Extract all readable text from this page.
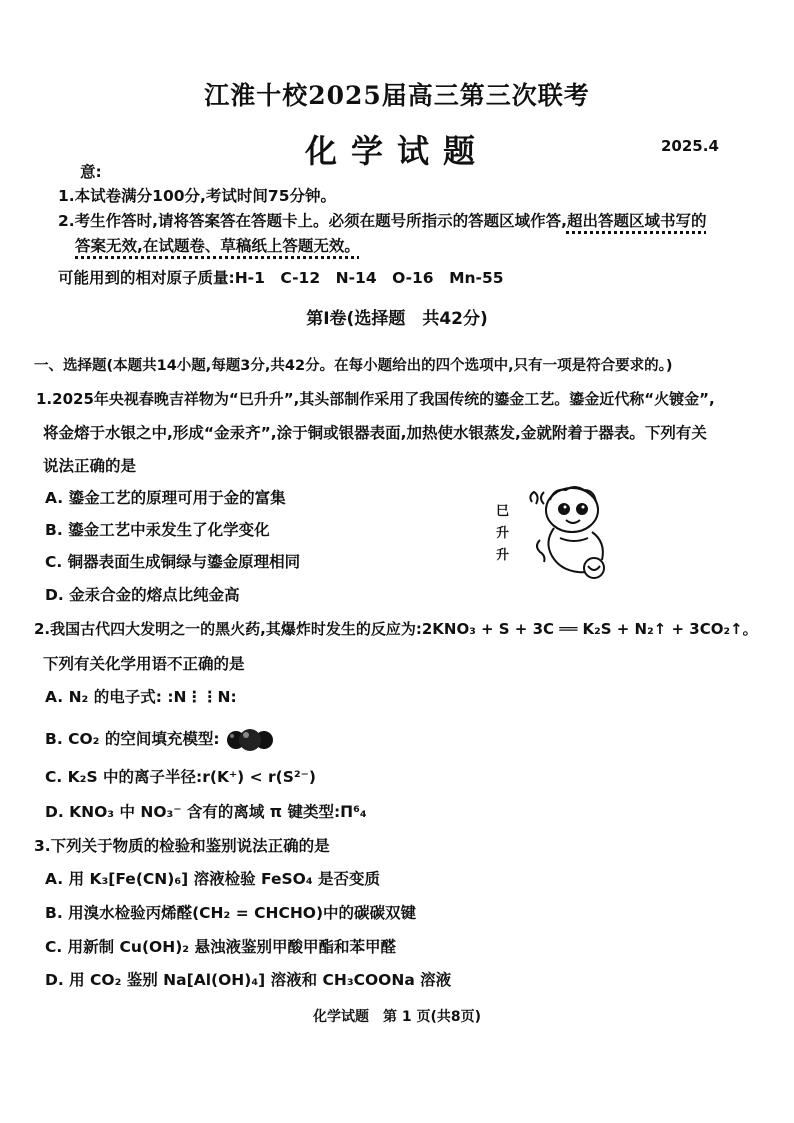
江淮十校2025届高三第三次联考
化学试题	2025.4
意:
1.本试卷满分100分,考试时间75分钟。
2.考生作答时,请将答案答在答题卡上。必须在题号所指示的答题区域作答,超出答题区域书写的
答案无效,在试题卷、草稿纸上答题无效。
可能用到的相对原子质量:H-1　C-12　N-14　O-16　Mn-55
第Ⅰ卷(选择题　共42分)
一、选择题(本题共14小题,每题3分,共42分。在每小题给出的四个选项中,只有一项是符合要求的。)
1.2025年央视春晚吉祥物为“巳升升”,其头部制作采用了我国传统的鎏金工艺。鎏金近代称“火镀金”,
将金熔于水银之中,形成“金汞齐”,涂于铜或银器表面,加热使水银蒸发,金就附着于器表。下列有关
说法正确的是
A. 鎏金工艺的原理可用于金的富集
B. 鎏金工艺中汞发生了化学变化
C. 铜器表面生成铜绿与鎏金原理相同
D. 金汞合金的熔点比纯金高
巳
升
升
2.我国古代四大发明之一的黑火药,其爆炸时发生的反应为:2KNO₃ + S + 3C ══ K₂S + N₂↑ + 3CO₂↑。
下列有关化学用语不正确的是
A. N₂ 的电子式: :N⋮⋮N:
B. CO₂ 的空间填充模型:
C. K₂S 中的离子半径:r(K⁺) < r(S²⁻)
D. KNO₃ 中 NO₃⁻ 含有的离域 π 键类型:Π⁶₄
3.下列关于物质的检验和鉴别说法正确的是
A. 用 K₃[Fe(CN)₆] 溶液检验 FeSO₄ 是否变质
B. 用溴水检验丙烯醛(CH₂ = CHCHO)中的碳碳双键
C. 用新制 Cu(OH)₂ 悬浊液鉴别甲酸甲酯和苯甲醛
D. 用 CO₂ 鉴别 Na[Al(OH)₄] 溶液和 CH₃COONa 溶液
化学试题　第 1 页(共8页)
